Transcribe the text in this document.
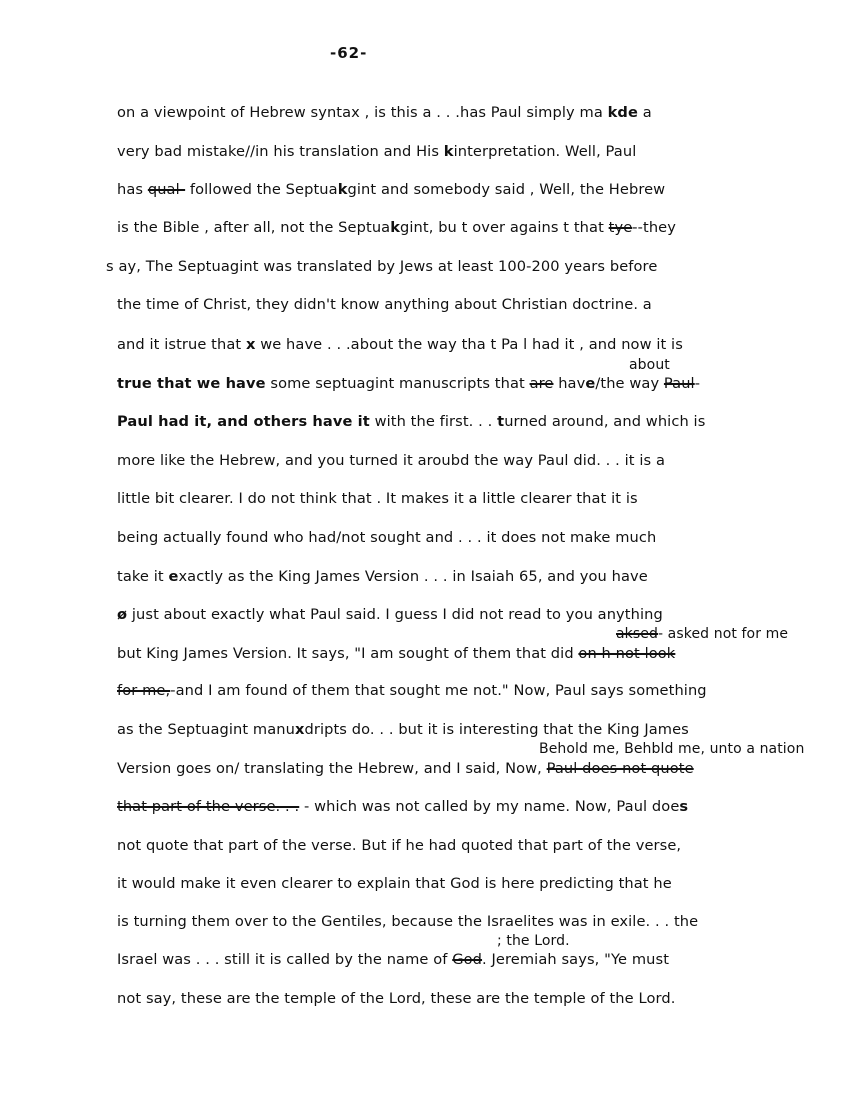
-62-
on a viewpoint of Hebrew syntax , is this a . . .has Paul simply ma kde a
very bad mistake//in his translation and His kinterpretation. Well, Paul
has qual- followed the Septuakgint and somebody said , Well, the Hebrew
is the Bible , after all, not the Septuakgint, bu t over agains t that tye--they
s ay, The Septuagint was translated by Jews at least 100-200 years before
the time of Christ, they didn't know anything about Christian doctrine. a
and it istrue that x we have . . .about the way tha t Pa l had it , and now it is
about
true that we have some septuagint manuscripts that are have/the way Paul-
Paul had it, and others have it with the first. . . turned around, and which is
more like the Hebrew, and you turned it aroubd the way Paul did. . . it is a
little bit clearer. I do not think that . It makes it a little clearer that it is
being actually found who had/not sought and . . . it does not make much
take it exactly as the King James Version . . . in Isaiah 65, and you have
ø just about exactly what Paul said. I guess I did not read to you anything
aksed- asked not for me
but King James Version. It says, "I am sought of them that did on h not look
for me,-and I am found of them that sought me not." Now, Paul says something
as the Septuagint manuxdripts do. . . but it is interesting that the King James
Behold me, Behbld me, unto a nation
Version goes on/ translating the Hebrew, and I said, Now, Paul does not quote
that part of the verse. . . - which was not called by my name. Now, Paul does
not quote that part of the verse. But if he had quoted that part of the verse,
it would make it even clearer to explain that God is here predicting that he
is turning them over to the Gentiles, because the Israelites was in exile. . . the
; the Lord.
Israel was . . . still it is called by the name of God. Jeremiah says, "Ye must
not say, these are the temple of the Lord, these are the temple of the Lord.
